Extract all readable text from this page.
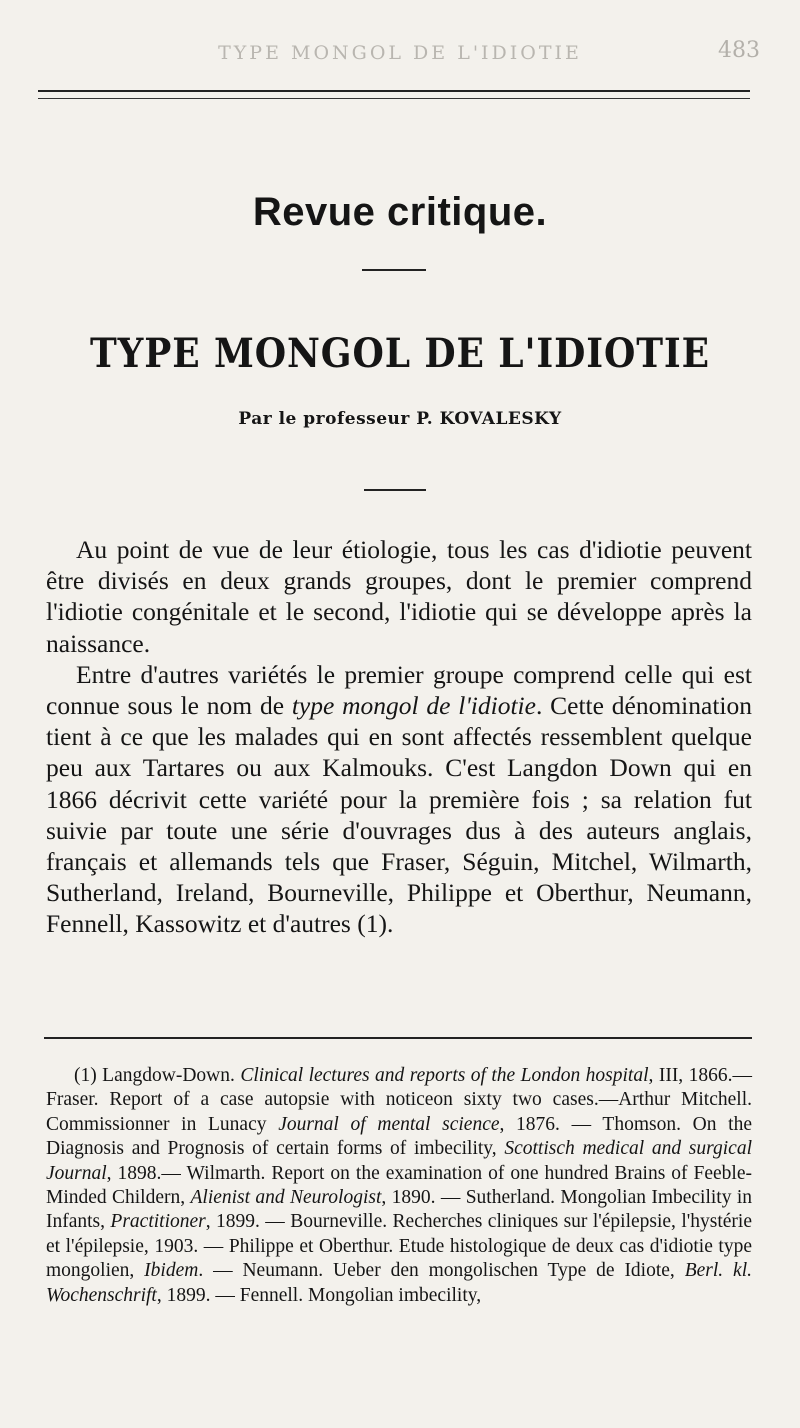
TYPE MONGOL DE L'IDIOTIE	483
Revue critique.
TYPE MONGOL DE L'IDIOTIE
Par le professeur P. KOVALESKY

Au point de vue de leur étiologie, tous les cas d'idiotie peuvent être divisés en deux grands groupes, dont le premier comprend l'idiotie congénitale et le second, l'idiotie qui se développe après la naissance.

Entre d'autres variétés le premier groupe comprend celle qui est connue sous le nom de type mongol de l'idiotie. Cette dénomination tient à ce que les malades qui en sont affectés ressemblent quelque peu aux Tartares ou aux Kalmouks. C'est Langdon Down qui en 1866 décrivit cette variété pour la première fois ; sa relation fut suivie par toute une série d'ouvrages dus à des auteurs anglais, français et allemands tels que Fraser, Séguin, Mitchel, Wilmarth, Sutherland, Ireland, Bourneville, Philippe et Oberthur, Neumann, Fennell, Kassowitz et d'autres (1).

(1) Langdow-Down. Clinical lectures and reports of the London hospital, III, 1866.— Fraser. Report of a case autopsie with noticeon sixty two cases.—Arthur Mitchell. Commissionner in Lunacy Journal of mental science, 1876. — Thomson. On the Diagnosis and Prognosis of certain forms of imbecility, Scottisch medical and surgical Journal, 1898.— Wilmarth. Report on the examination of one hundred Brains of Feeble-Minded Childern, Alienist and Neurologist, 1890. — Sutherland. Mongolian Imbecility in Infants, Practitioner, 1899. — Bourneville. Recherches cliniques sur l'épilepsie, l'hystérie et l'épilepsie, 1903. — Philippe et Oberthur. Etude histologique de deux cas d'idiotie type mongolien, Ibidem. — Neumann. Ueber den mongolischen Type de Idiote, Berl. kl. Wochenschrift, 1899. — Fennell. Mongolian imbecility,
